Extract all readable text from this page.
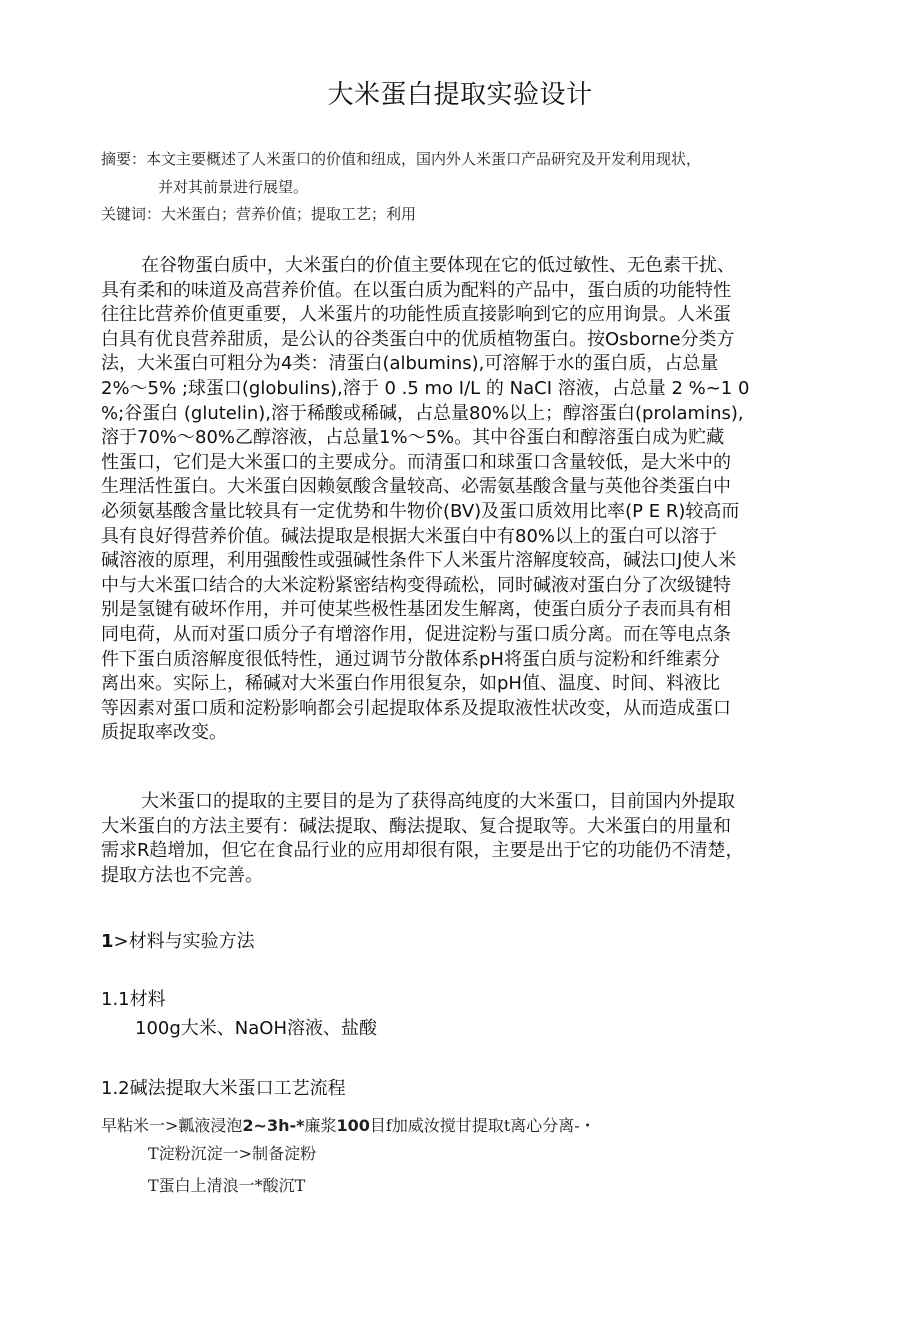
大米蛋白提取实验设计
摘要：本文主要概述了人米蛋口的价值和纽成，国内外人米蛋口产品研究及开发利用现状，
并对其前景进行展望。
关键词：大米蛋白；营养价值；提取工艺；利用
在谷物蛋白质中，大米蛋白的价值主要体现在它的低过敏性、无色素干扰、
具有柔和的味道及高营养价值。在以蛋白质为配料的产品中，蛋白质的功能特性
往往比营养价值更重要，人米蛋片的功能性质直接影响到它的应用询景。人米蛋
白具有优良营养甜质，是公认的谷类蛋白中的优质植物蛋白。按Osborne分类方
法，大米蛋白可粗分为4类：清蛋白(albumins),可溶解于水的蛋白质，占总量
2%～5% ;球蛋口(globulins),溶于 0 .5 mo I/L 的 NaCI 溶液，占总量 2 %~1 0
%;谷蛋白 (glutelin),溶于稀酸或稀碱，占总量80%以上；醇溶蛋白(prolamins),
溶于70%～80%乙醇溶液，占总量1%～5%。其中谷蛋白和醇溶蛋白成为贮藏
性蛋口，它们是大米蛋口的主要成分。而清蛋口和球蛋口含量较低，是大米中的
生理活性蛋白。大米蛋白因赖氨酸含量较高、必需氨基酸含量与英他谷类蛋白中
必须氨基酸含量比较具有一定优势和牛物价(BV)及蛋口质效用比率(P E R)较高而
具有良好得营养价值。碱法提取是根据大米蛋白中有80%以上的蛋白可以溶于
碱溶液的原理，利用强酸性或强碱性条件下人米蛋片溶解度较高，碱法口J使人米
中与大米蛋口结合的大米淀粉紧密结构变得疏松，同时碱液对蛋白分了次级键特
别是氢键有破坏作用，并可使某些极性基团发生解离，使蛋白质分子表而具有相
同电荷，从而对蛋口质分子有增溶作用，促进淀粉与蛋口质分离。而在等电点条
件下蛋白质溶解度很低特性，通过调节分散体系pH将蛋白质与淀粉和纤维素分
离出來。实际上，稀碱对大米蛋白作用很复杂，如pH值、温度、时间、料液比
等因素对蛋口质和淀粉影响都会引起提取体系及提取液性状改变，从而造成蛋口
质捉取率改变。
大米蛋口的提取的主要目的是为了获得高纯度的大米蛋口，目前国内外提取
大米蛋白的方法主要有：碱法提取、酶法提取、复合提取等。大米蛋白的用量和
需求R趋增加，但它在食品行业的应用却很有限，主要是出于它的功能仍不清楚，
提取方法也不完善。
1>材料与实验方法
1.1材料
100g大米、NaOH溶液、盐酸
1.2碱法提取大米蛋口工艺流程
早粘米一>瓤液浸泡2~3h-*廉浆100目f加威汝搅甘提取t离心分离-・
T淀粉沉淀一>制备淀粉
T蛋白上清浪一*酸沉T
